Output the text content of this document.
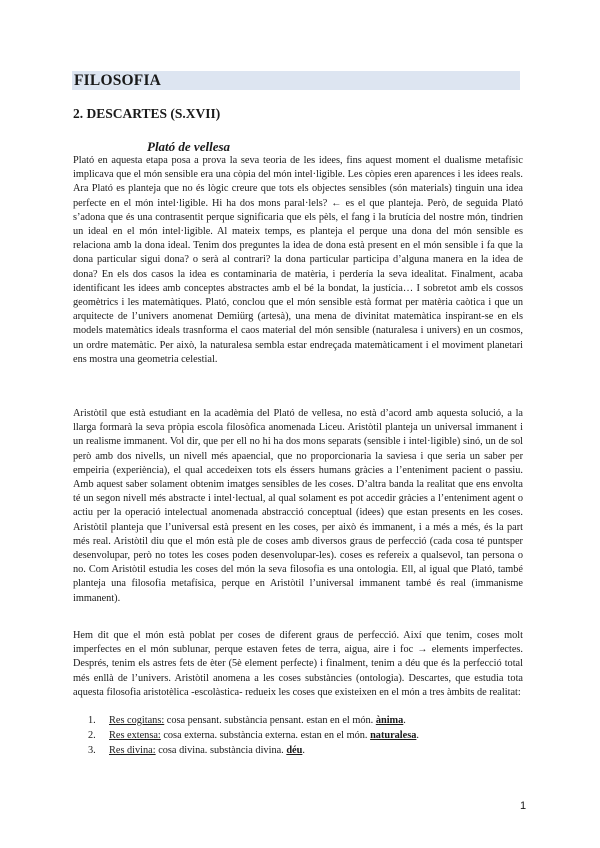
FILOSOFIA
2. DESCARTES (S.XVII)
Plató de vellesa

Plató en aquesta etapa posa a prova la seva teoria de les idees, fins aquest moment el dualisme metafísic implicava que el món sensible era una còpia del món intel·ligible. Les còpies eren aparences i les idees reals. Ara Plató es planteja que no és lògic creure que tots els objectes sensibles (són materials) tinguin una idea perfecte en el món intel·ligible. Hi ha dos mons paral·lels? ← es el que planteja. Però, de seguida Plató s’adona que és una contrasentit perque significaria que els pèls, el fang i la brutícia del nostre món, tindrien un ideal en el món intel·ligible. Al mateix temps, es planteja el perque una dona del món sensible es relaciona amb la dona ideal. Tenim dos preguntes la idea de dona està present en el món sensible i fa que la dona particular sigui dona? o serà al contrari? la dona particular participa d’alguna manera en la idea de dona? En els dos casos la idea es contaminaria de matèria, i perdería la seva idealitat. Finalment, acaba identificant les idees amb conceptes abstractes amb el bé la bondat, la justícia… I sobretot amb els cossos geomètrics i les matemàtiques. Plató, conclou que el món sensible està format per matèria caòtica i que un arquitecte de l’univers anomenat Demiürg (artesà), una mena de divinitat matemàtica inspirant-se en els models matemàtics ideals trasnforma el caos material del món sensible (naturalesa i univers) en un cosmos, un ordre matemàtic. Per això, la naturalesa sembla estar endreçada matemàticament i el moviment planetari ens mostra una geometria celestial.

Aristòtil que està estudiant en la acadèmia del Plató de vellesa, no està d’acord amb aquesta solució, a la llarga formarà la seva pròpia escola filosòfica anomenada Liceu. Aristòtil planteja un universal immanent i un realisme immanent. Vol dir, que per ell no hi ha dos mons separats (sensible i intel·ligible) sinó, un de sol però amb dos nivells, un nivell més apaencial, que no proporcionaria la saviesa i que seria un saber per empeiria (experiència), el qual accedeixen tots els éssers humans gràcies a l’enteniment pacient o passiu. Amb aquest saber solament obtenim imatges sensibles de les coses. D’altra banda la realitat que ens envolta té un segon nivell més abstracte i intel·lectual, al qual solament es pot accedir gràcies a l’enteniment agent o actiu per la operació intelectual anomenada abstracció conceptual (idees) que estan presents en les coses. Aristòtil planteja que l’universal està present en les coses, per això és immanent, i a més a més, és la part més real. Aristòtil diu que el món està ple de coses amb diversos graus de perfecció (cada cosa té puntsper desenvolupar, però no totes les coses poden desenvolupar-les). coses es refereix a qualsevol, tan persona o no. Com Aristòtil estudia les coses del món la seva filosofia es una ontologia. Ell, al igual que Plató, també planteja una filosofia metafísica, perque en Aristòtil l’universal immanent també és real (immanisme immanent).

Hem dit que el món està poblat per coses de diferent graus de perfecció. Així que tenim, coses molt imperfectes en el món sublunar, perque estaven fetes de terra, aigua, aire i foc → elements imperfectes. Després, tenim els astres fets de èter (5è element perfecte) i finalment, tenim a déu que és la perfecció total més enllà de l’univers. Aristòtil anomena a les coses substàncies (ontologia). Descartes, que estudia tota aquesta filosofia aristotèlica -escolàstica- redueix les coses que existeixen en el món a tres àmbits de realitat:

1. Res cogitans: cosa pensant. substància pensant. estan en el món. ànima.
2. Res extensa: cosa externa. substància externa. estan en el món. naturalesa.
3. Res divina: cosa divina. substància divina. déu.
1
